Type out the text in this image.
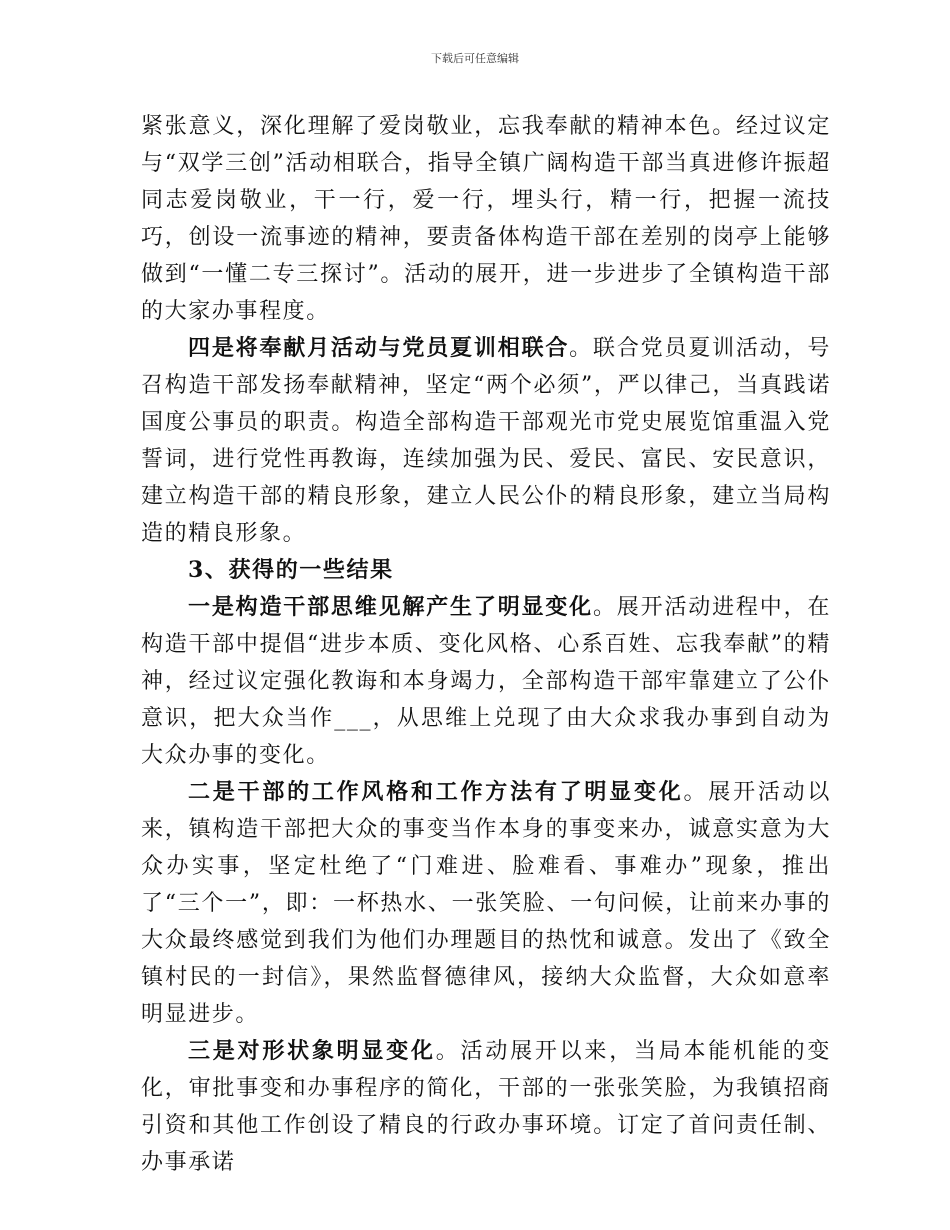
下载后可任意编辑

紧张意义，深化理解了爱岗敬业，忘我奉献的精神本色。经过议定与“双学三创”活动相联合，指导全镇广阔构造干部当真进修许振超同志爱岗敬业，干一行，爱一行，埋头行，精一行，把握一流技巧，创设一流事迹的精神，要责备体构造干部在差别的岗亭上能够做到“一懂二专三探讨”。活动的展开，进一步进步了全镇构造干部的大家办事程度。

四是将奉献月活动与党员夏训相联合。联合党员夏训活动，号召构造干部发扬奉献精神，坚定“两个必须”，严以律己，当真践诺国度公事员的职责。构造全部构造干部观光市党史展览馆重温入党誓词，进行党性再教诲，连续加强为民、爱民、富民、安民意识，建立构造干部的精良形象，建立人民公仆的精良形象，建立当局构造的精良形象。

3、获得的一些结果

一是构造干部思维见解产生了明显变化。展开活动进程中，在构造干部中提倡“进步本质、变化风格、心系百姓、忘我奉献”的精神，经过议定强化教诲和本身竭力，全部构造干部牢靠建立了公仆意识，把大众当作___，从思维上兑现了由大众求我办事到自动为大众办事的变化。

二是干部的工作风格和工作方法有了明显变化。展开活动以来，镇构造干部把大众的事变当作本身的事变来办，诚意实意为大众办实事，坚定杜绝了“门难进、脸难看、事难办”现象，推出了“三个一”，即：一杯热水、一张笑脸、一句问候，让前来办事的大众最终感觉到我们为他们办理题目的热忱和诚意。发出了《致全镇村民的一封信》，果然监督德律风，接纳大众监督，大众如意率明显进步。

三是对形状象明显变化。活动展开以来，当局本能机能的变化，审批事变和办事程序的简化，干部的一张张笑脸，为我镇招商引资和其他工作创设了精良的行政办事环境。订定了首问责任制、办事承诺
